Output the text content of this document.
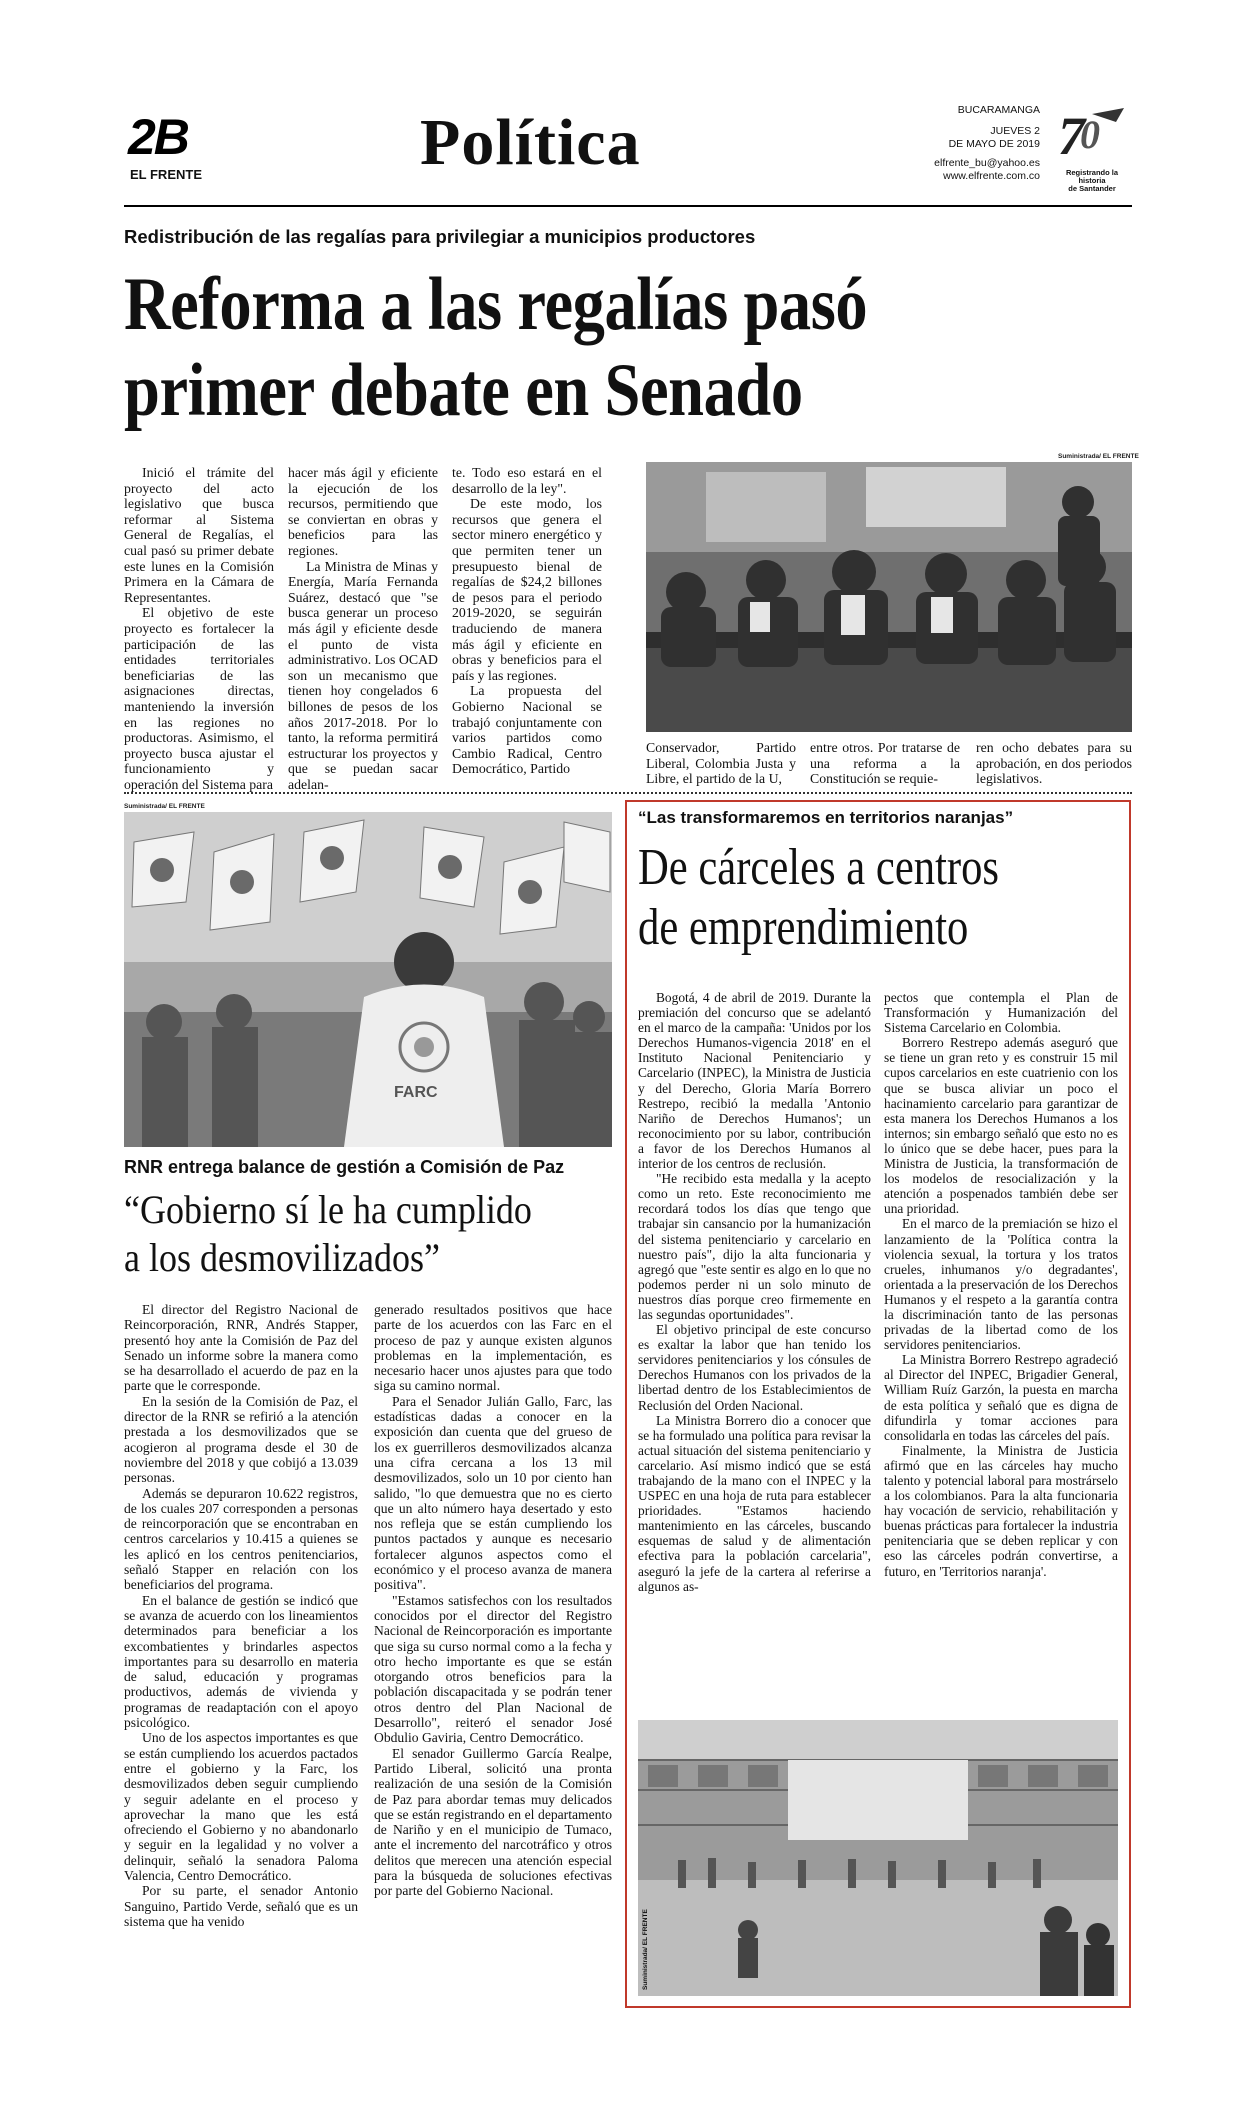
2B
EL FRENTE	Política	BUCARAMANGA
JUEVES 2
DE MAYO DE 2019
elfrente_bu@yahoo.es
www.elfrente.com.co
7
0
Registrando la historia
de Santander
Redistribución de las regalías para privilegiar a municipios productores
Reforma a las regalías pasó
primer debate en Senado

Inició el trámite del proyecto del acto legislativo que busca reformar al Sistema General de Regalías, el cual pasó su primer debate este lunes en la Comisión Primera en la Cámara de Representantes.

El objetivo de este proyecto es fortalecer la participación de las entidades territoriales beneficiarias de las asignaciones directas, manteniendo la inversión en las regiones no productoras. Asimismo, el proyecto busca ajustar el funcionamiento y operación del Sistema para

hacer más ágil y eficiente la ejecución de los recursos, permitiendo que se conviertan en obras y beneficios para las regiones.

La Ministra de Minas y Energía, María Fernanda Suárez, destacó que "se busca generar un proceso más ágil y eficiente desde el punto de vista administrativo. Los OCAD son un mecanismo que tienen hoy congelados 6 billones de pesos de los años 2017-2018. Por lo tanto, la reforma permitirá estructurar los proyectos y que se puedan sacar adelan-

te. Todo eso estará en el desarrollo de la ley".

De este modo, los recursos que genera el sector minero energético y que permiten tener un presupuesto bienal de regalías de $24,2 billones de pesos para el periodo 2019-2020, se seguirán traduciendo de manera más ágil y eficiente en obras y beneficios para el país y las regiones.

La propuesta del Gobierno Nacional se trabajó conjuntamente con varios partidos como Cambio Radical, Centro Democrático, Partido

Suministrada/ EL FRENTE

Conservador, Partido Liberal, Colombia Justa y Libre, el partido de la U,

entre otros. Por tratarse de una reforma a la Constitución se requie-

ren ocho debates para su aprobación, en dos periodos legislativos.

Suministrada/ EL FRENTE
FARC
RNR entrega balance de gestión a Comisión de Paz
“Gobierno sí le ha cumplido
a los desmovilizados”

El director del Registro Nacional de Reincorporación, RNR, Andrés Stapper, presentó hoy ante la Comisión de Paz del Senado un informe sobre la manera como se ha desarrollado el acuerdo de paz en la parte que le corresponde.

En la sesión de la Comisión de Paz, el director de la RNR se refirió a la atención prestada a los desmovilizados que se acogieron al programa desde el 30 de noviembre del 2018 y que cobijó a 13.039 personas.

Además se depuraron 10.622 registros, de los cuales 207 corresponden a personas de reincorporación que se encontraban en centros carcelarios y 10.415 a quienes se les aplicó en los centros penitenciarios, señaló Stapper en relación con los beneficiarios del programa.

En el balance de gestión se indicó que se avanza de acuerdo con los lineamientos determinados para beneficiar a los excombatientes y brindarles aspectos importantes para su desarrollo en materia de salud, educación y programas productivos, además de vivienda y programas de readaptación con el apoyo psicológico.

Uno de los aspectos importantes es que se están cumpliendo los acuerdos pactados entre el gobierno y la Farc, los desmovilizados deben seguir cumpliendo y seguir adelante en el proceso y aprovechar la mano que les está ofreciendo el Gobierno y no abandonarlo y seguir en la legalidad y no volver a delinquir, señaló la senadora Paloma Valencia, Centro Democrático.

Por su parte, el senador Antonio Sanguino, Partido Verde, señaló que es un sistema que ha venido

generado resultados positivos que hace parte de los acuerdos con las Farc en el proceso de paz y aunque existen algunos problemas en la implementación, es necesario hacer unos ajustes para que todo siga su camino normal.

Para el Senador Julián Gallo, Farc, las estadísticas dadas a conocer en la exposición dan cuenta que del grueso de los ex guerrilleros desmovilizados alcanza una cifra cercana a los 13 mil desmovilizados, solo un 10 por ciento han salido, "lo que demuestra que no es cierto que un alto número haya desertado y esto nos refleja que se están cumpliendo los puntos pactados y aunque es necesario fortalecer algunos aspectos como el económico y el proceso avanza de manera positiva".

"Estamos satisfechos con los resultados conocidos por el director del Registro Nacional de Reincorporación es importante que siga su curso normal como a la fecha y otro hecho importante es que se están otorgando otros beneficios para la población discapacitada y se podrán tener otros dentro del Plan Nacional de Desarrollo", reiteró el senador José Obdulio Gaviria, Centro Democrático.

El senador Guillermo García Realpe, Partido Liberal, solicitó una pronta realización de una sesión de la Comisión de Paz para abordar temas muy delicados que se están registrando en el departamento de Nariño y en el municipio de Tumaco, ante el incremento del narcotráfico y otros delitos que merecen una atención especial para la búsqueda de soluciones efectivas por parte del Gobierno Nacional.

“Las transformaremos en territorios naranjas”
De cárceles a centros
de emprendimiento

Bogotá, 4 de abril de 2019. Durante la premiación del concurso que se adelantó en el marco de la campaña: 'Unidos por los Derechos Humanos-vigencia 2018' en el Instituto Nacional Penitenciario y Carcelario (INPEC), la Ministra de Justicia y del Derecho, Gloria María Borrero Restrepo, recibió la medalla 'Antonio Nariño de Derechos Humanos'; un reconocimiento por su labor, contribución a favor de los Derechos Humanos al interior de los centros de reclusión.

"He recibido esta medalla y la acepto como un reto. Este reconocimiento me recordará todos los días que tengo que trabajar sin cansancio por la humanización del sistema penitenciario y carcelario en nuestro país", dijo la alta funcionaria y agregó que "este sentir es algo en lo que no podemos perder ni un solo minuto de nuestros días porque creo firmemente en las segundas oportunidades".

El objetivo principal de este concurso es exaltar la labor que han tenido los servidores penitenciarios y los cónsules de Derechos Humanos con los privados de la libertad dentro de los Establecimientos de Reclusión del Orden Nacional.

La Ministra Borrero dio a conocer que se ha formulado una política para revisar la actual situación del sistema penitenciario y carcelario. Así mismo indicó que se está trabajando de la mano con el INPEC y la USPEC en una hoja de ruta para establecer prioridades. "Estamos haciendo mantenimiento en las cárceles, buscando esquemas de salud y de alimentación efectiva para la población carcelaria", aseguró la jefe de la cartera al referirse a algunos as-

pectos que contempla el Plan de Transformación y Humanización del Sistema Carcelario en Colombia.

Borrero Restrepo además aseguró que se tiene un gran reto y es construir 15 mil cupos carcelarios en este cuatrienio con los que se busca aliviar un poco el hacinamiento carcelario para garantizar de esta manera los Derechos Humanos a los internos; sin embargo señaló que esto no es lo único que se debe hacer, pues para la Ministra de Justicia, la transformación de los modelos de resocialización y la atención a pospenados también debe ser una prioridad.

En el marco de la premiación se hizo el lanzamiento de la 'Política contra la violencia sexual, la tortura y los tratos crueles, inhumanos y/o degradantes', orientada a la preservación de los Derechos Humanos y el respeto a la garantía contra la discriminación tanto de las personas privadas de la libertad como de los servidores penitenciarios.

La Ministra Borrero Restrepo agradeció al Director del INPEC, Brigadier General, William Ruíz Garzón, la puesta en marcha de esta política y señaló que es digna de difundirla y tomar acciones para consolidarla en todas las cárceles del país.

Finalmente, la Ministra de Justicia afirmó que en las cárceles hay mucho talento y potencial laboral para mostrárselo a los colombianos. Para la alta funcionaria hay vocación de servicio, rehabilitación y buenas prácticas para fortalecer la industria penitenciaria que se deben replicar y con eso las cárceles podrán convertirse, a futuro, en 'Territorios naranja'.

Suministrada/ EL FRENTE
